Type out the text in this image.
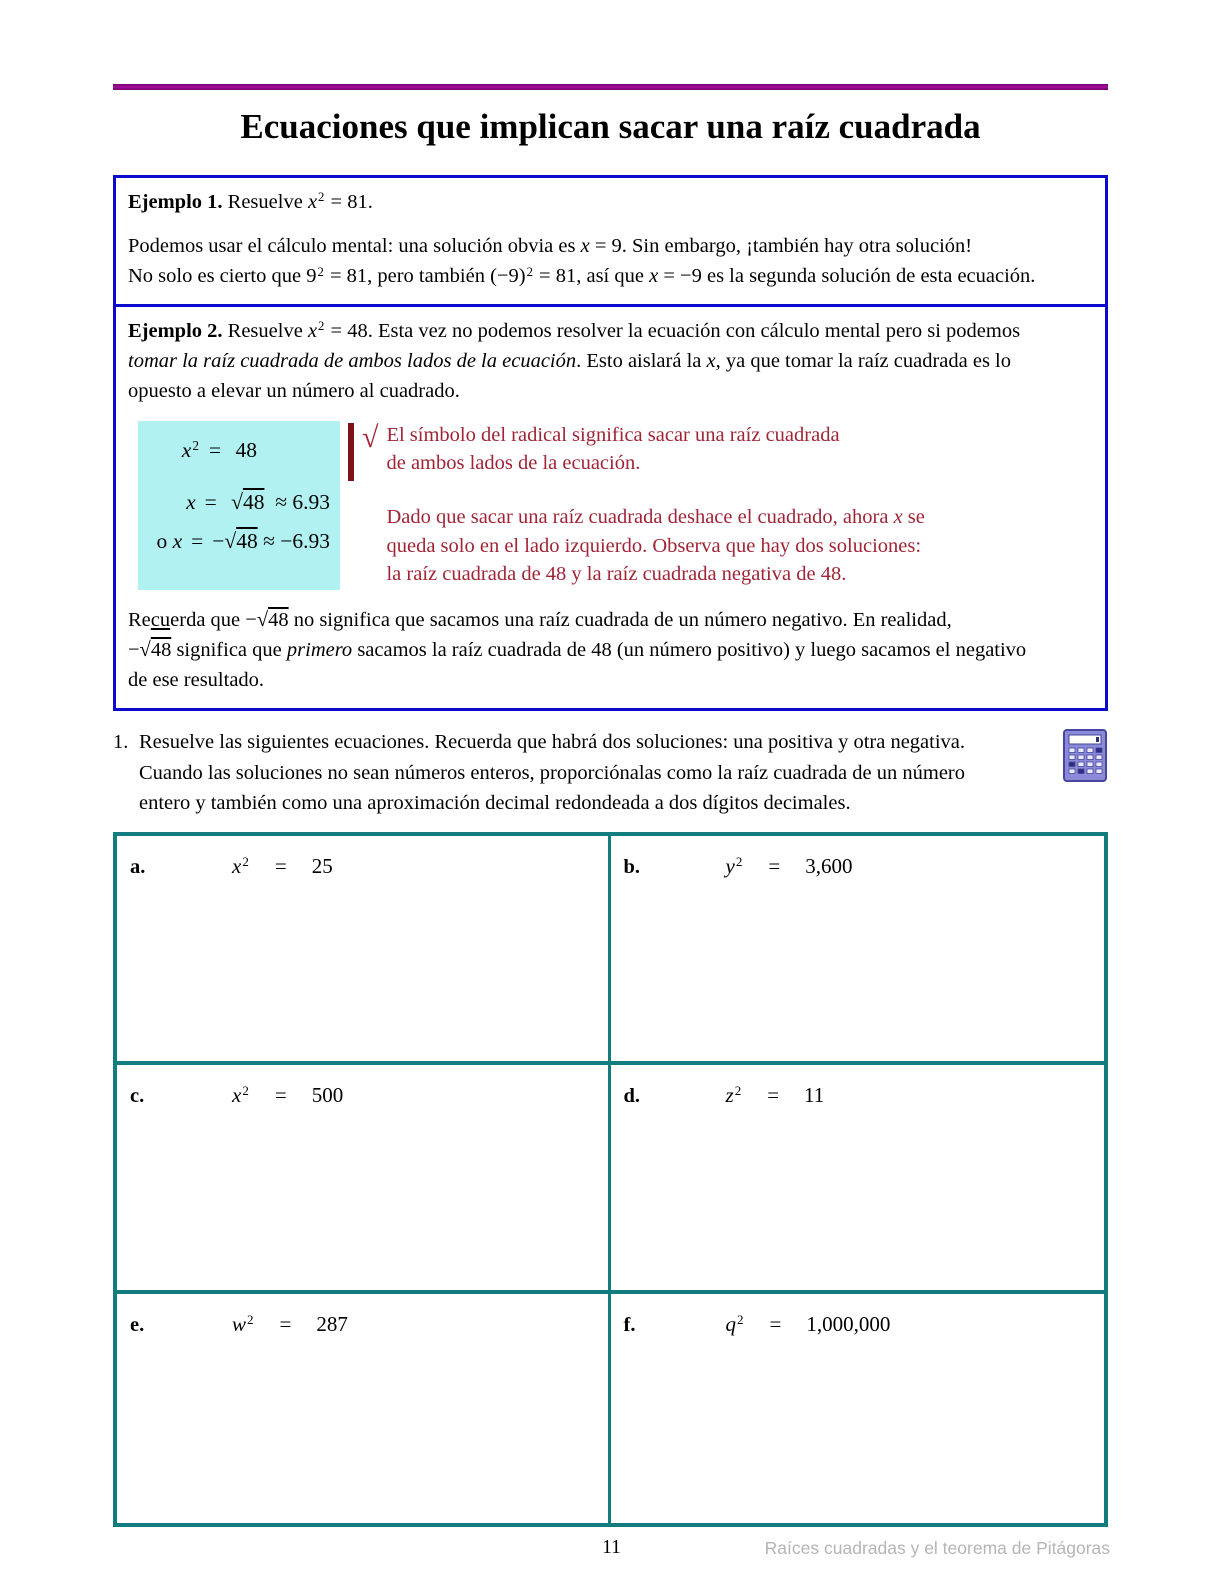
Ecuaciones que implican sacar una raíz cuadrada
Ejemplo 1. Resuelve $x^2 = 81$.
Podemos usar el cálculo mental: una solución obvia es x = 9. Sin embargo, ¡también hay otra solución!
No solo es cierto que $9^2 = 81$, pero también $(-9)^2 = 81$, así que x = −9 es la segunda solución de esta ecuación.
Ejemplo 2. Resuelve $x^2 = 48$. Esta vez no podemos resolver la ecuación con cálculo mental pero si podemos
tomar la raíz cuadrada de ambos lados de la ecuación. Esto aislará la x, ya que tomar la raíz cuadrada es lo
opuesto a elevar un número al cuadrado.
$x^2 = 48$
x = √48  ≈ 6.93
o x = −√48 ≈ −6.93
√ El símbolo del radical significa sacar una raíz cuadrada
de ambos lados de la ecuación.
Dado que sacar una raíz cuadrada deshace el cuadrado, ahora x se
queda solo en el lado izquierdo. Observa que hay dos soluciones:
la raíz cuadrada de 48 y la raíz cuadrada negativa de 48.
Recuerda que −√48 no significa que sacamos una raíz cuadrada de un número negativo. En realidad,
−√48 significa que primero sacamos la raíz cuadrada de 48 (un número positivo) y luego sacamos el negativo
de ese resultado.
1. Resuelve las siguientes ecuaciones. Recuerda que habrá dos soluciones: una positiva y otra negativa.
Cuando las soluciones no sean números enteros, proporciónalas como la raíz cuadrada de un número
entero y también como una aproximación decimal redondeada a dos dígitos decimales.
a.	$x^2 = 25$	b.	$y^2 = 3,600$
c.	$x^2 = 500$	d.	$z^2 = 11$
e.	$w^2 = 287$	f.	$q^2 = 1,000,000$
11	Raíces cuadradas y el teorema de Pitágoras
